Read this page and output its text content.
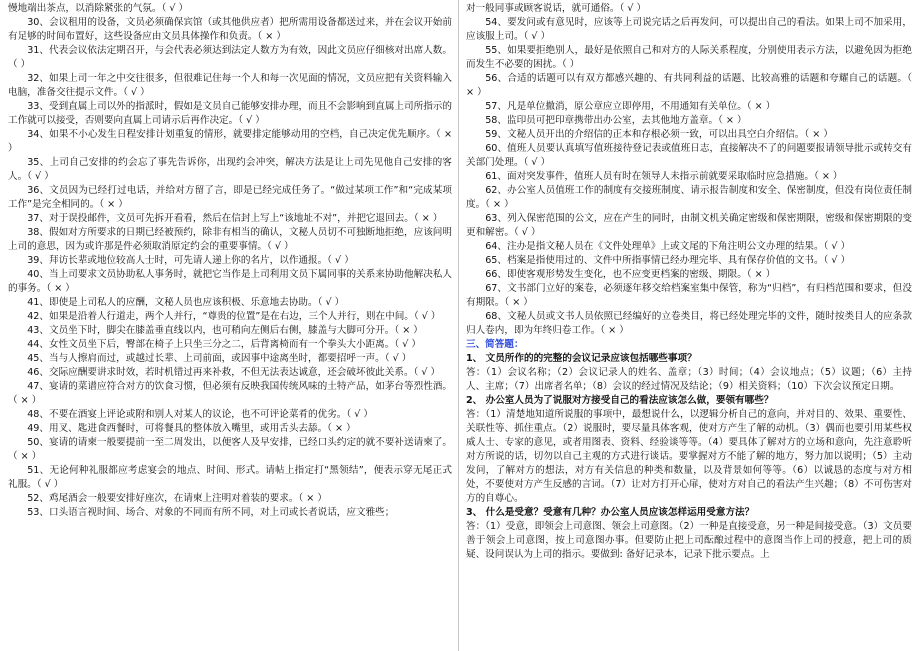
慢地端出茶点，以消除紧张的气氛。（ √ ）

30、会议租用的设备，文员必须确保宾馆（或其他供应者）把所需用设备都送过来，并在会议开始前有足够的时间布置好，这些设备应由文员具体操作和负责。（ × ）

31、代表会议依法定期召开，与会代表必须达到法定人数方为有效，因此文员应仔细核对出席人数。（ ）

32、如果上司一年之中交往很多，但很难记住每一个人和每一次见面的情况，文员应把有关资料输入电脑，准备交往提示文件。（ √ ）

33、受到直属上司以外的指派时，假如是文员自己能够安排办理，而且不会影响到直属上司所指示的工作就可以接受，否则要向直属上司请示后再作决定。（ √ ）

34、如果不小心发生日程安排计划重复的情形，就要排定能够动用的空档，自己决定优先顺序。（ × ）

35、上司自己安排的约会忘了事先告诉你，出现约会冲突，解决方法是让上司先见他自己安排的客人。（ √ ）

36、文员因为已经打过电话，并给对方留了言，即是已经完成任务了。“做过某项工作”和“完成某项工作”是完全相同的。（ × ）

37、对于误投邮件，文员可先拆开看看，然后在信封上写上“该地址不对”，并把它退回去。（ × ）

38、假如对方所要求的日期已经被预约，除非有相当的确认，文秘人员切不可独断地拒绝，应该问明上司的意思，因为或许那是件必须取消原定约会的重要事情。（ √ ）

39、拜访长辈或地位较高人士时，可先请人递上你的名片，以作通报。（ √ ）

40、当上司要求文员协助私人事务时，就把它当作是上司利用文员下属同事的关系来协助他解决私人的事务。（ × ）

41、即使是上司私人的应酬，文秘人员也应该积极、乐意地去协助。（ √ ）

42、如果是沿着人行道走，两个人并行，“尊贵的位置”是在右边，三个人并行，则在中间。（ √ ）

43、文员坐下时，脚尖在膝盖垂直线以内，也可稍向左侧后右侧，膝盖与大脚可分开。（ × ）

44、女性文员坐下后，臀部在椅子上只坐三分之二，后背离椅而有一个拳头大小距离。（ √ ）

45、当与人擦肩而过，或越过长辈、上司前面，或因事中途离坐时，都要招呼一声。（ √ ）

46、交际应酬要讲求时效，若时机错过再来补救，不但无法表达诚意，还会破坏彼此关系。（ √ ）

47、宴请的菜谱应符合对方的饮食习惯，但必须有反映我国传统风味的土特产品，如茅台等烈性酒。（ × ）

48、不要在酒宴上评论或附和别人对某人的议论，也不可评论菜肴的优劣。（ √ ）

49、用叉、匙进食西餐时，可将餐具的整体放入嘴里，或用舌头去舔。（ × ）

50、宴请的请柬一般要提前一至二周发出，以便客人及早安排，已经口头约定的就不要补送请柬了。（ × ）

51、无论何种礼服都应考虑宴会的地点、时间、形式。请帖上指定打“黑领结”，便表示穿无尾正式礼服。（ √ ）

52、鸡尾酒会一般要安排好座次，在请柬上注明对着装的要求。（ × ）

53、口头语言视时间、场合、对象的不同而有所不同，对上司或长者说话，应文雅些；

对一般同事或顾客说话，就可通俗。（ √ ）

54、要发问或有意见时，应该等上司说完话之后再发问，可以提出自己的看法。如果上司不加采用，应该服上司。（ √ ）

55、如果要拒绝别人，最好是依照自己和对方的人际关系程度，分别使用表示方法，以避免因为拒绝而发生不必要的困扰。（ ）

56、合适的话题可以有双方都感兴趣的、有共同利益的话题、比较高雅的话题和夸耀自己的话题。（ × ）

57、凡是单位撤消，原公章应立即停用，不用通知有关单位。（ × ）

58、监印员可把印章携带出办公室，去其他地方盖章。（ × ）

59、文秘人员开出的介绍信的正本和存根必须一致，可以出具空白介绍信。（ × ）

60、值班人员要认真填写值班接待登记表或值班日志，直接解决不了的问题要报请领导批示或转交有关部门处理。（ √ ）

61、面对突发事件，值班人员有时在领导人未指示前就要采取临时应急措施。（ × ）

62、办公室人员值班工作的制度有交接班制度、请示报告制度和安全、保密制度，但没有岗位责任制度。（ × ）

63、列入保密范围的公文，应在产生的同时，由制文机关确定密级和保密期限，密级和保密期限的变更和解密。（ √ ）

64、注办是指文秘人员在《文件处理单》上或文尾的下角注明公文办理的结果。（ √ ）

65、档案是指使用过的、文件中所指事情已经办理完毕、具有保存价值的文书。（ √ ）

66、即使客观形势发生变化，也不应变更档案的密级、期限。（ × ）

67、文书部门立好的案卷，必须逐年移交给档案室集中保管，称为“归档”，有归档范围和要求，但没有期限。（ × ）

68、文秘人员或文书人员依照已经编好的立卷类目，将已经处理完毕的文件，随时按类目人的应条款归人卷内，即为年终归卷工作。（ × ）

三、简答题：

1、 文员所作的的完整的会议记录应该包括哪些事项？

答：（1）会议名称；（2）会议记录人的姓名、盖章；（3）时间；（4）会议地点；（5）议题；（6）主持人、主席；（7）出席者名单；（8）会议的经过情况及结论；（9）相关资料；（10）下次会议预定日期。

2、 办公室人员为了说服对方接受自己的看法应该怎么做，要领有哪些？

答：（1）清楚地知道所说服的事项中，最想说什么，以逻辑分析自己的意向，并对目的、效果、重要性、关联性等、抓住重点。（2）说服时，要尽量具体客观，使对方产生了解的动机。（3）偶而也要引用某些权威人士、专家的意见，或者用图表、资料、经验谈等等。（4）要具体了解对方的立场和意向，先注意聆听对方所说的话，切勿以自己主观的方式进行谈话。要掌握对方不能了解的地方，努力加以说明；（5）主动发问，了解对方的想法，对方有关信息的种类和数量，以及背景如何等等。（6）以诚恳的态度与对方相处，不要使对方产生反感的言词。（7）让对方打开心扉，使对方对自己的看法产生兴趣；（8）不可伤害对方的自尊心。

3、 什么是受意？受意有几种？办公室人员应该怎样运用受意方法？

答：（1）受意，即领会上司意图、领会上司意图。（2）一种是直接受意，另一种是间接受意。（3）文员要善于领会上司意图，按上司意图办事。但要防止把上司酝酿过程中的意图当作上司的授意，把上司的质疑、设问误认为上司的指示。要做到: 备好记录本，记录下批示要点。上
